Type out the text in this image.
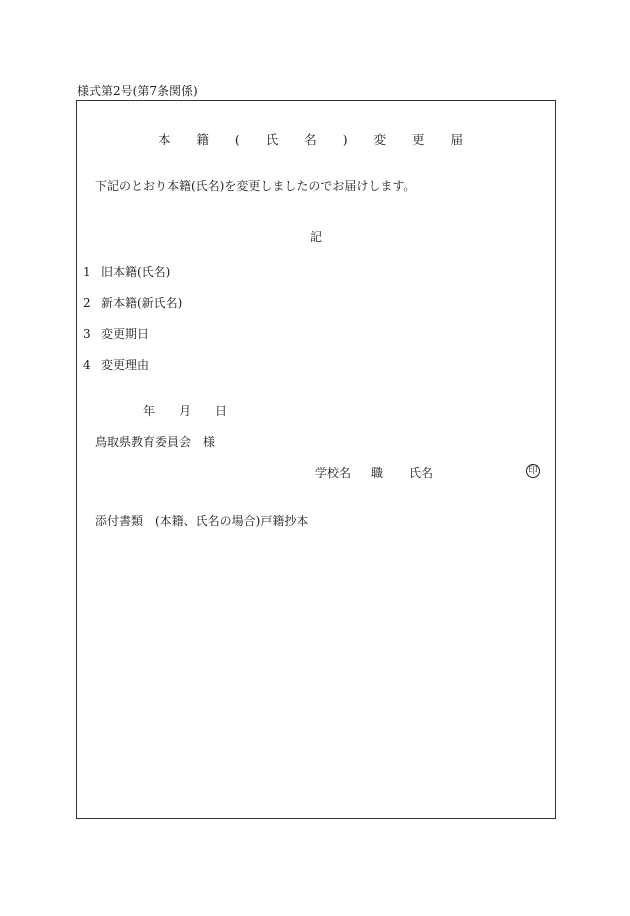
様式第2号(第7条関係)
本 籍 ( 氏 名 ) 変 更 届
下記のとおり本籍(氏名)を変更しましたのでお届けします。
記
1 旧本籍(氏名)
2 新本籍(新氏名)
3 変更期日
4 変更理由
年 月 日
鳥取県教育委員会　様
学校名 職 氏名	印
添付書類　(本籍、氏名の場合)戸籍抄本
